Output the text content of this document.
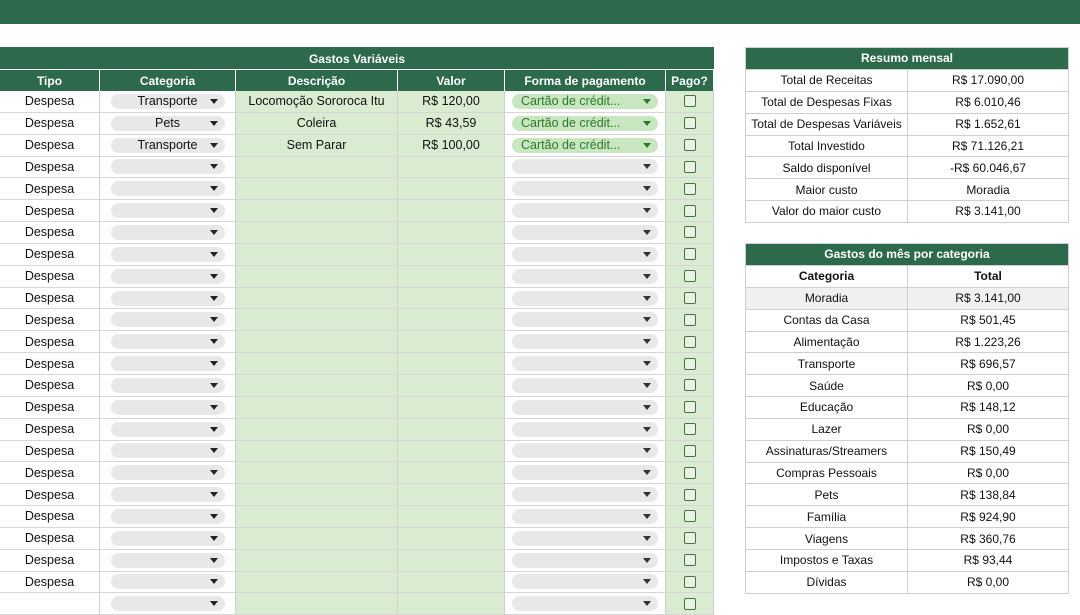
Gastos Variáveis
Tipo	Categoria	Descrição	Valor	Forma de pagamento	Pago?
Despesa	Transporte	Locomoção Sororoca Itu	R$ 120,00	Cartão de crédit...
Despesa	Pets	Coleira	R$ 43,59	Cartão de crédit...
Despesa	Transporte	Sem Parar	R$ 100,00	Cartão de crédit...
Despesa
Despesa
Despesa
Despesa
Despesa
Despesa
Despesa
Despesa
Despesa
Despesa
Despesa
Despesa
Despesa
Despesa
Despesa
Despesa
Despesa
Despesa
Despesa
Despesa
Resumo mensal
Total de Receitas	R$ 17.090,00
Total de Despesas Fixas	R$ 6.010,46
Total de Despesas Variáveis	R$ 1.652,61
Total Investido	R$ 71.126,21
Saldo disponível	-R$ 60.046,67
Maior custo	Moradia
Valor do maior custo	R$ 3.141,00
Gastos do mês por categoria
Categoria	Total
Moradia	R$ 3.141,00
Contas da Casa	R$ 501,45
Alimentação	R$ 1.223,26
Transporte	R$ 696,57
Saúde	R$ 0,00
Educação	R$ 148,12
Lazer	R$ 0,00
Assinaturas/Streamers	R$ 150,49
Compras Pessoais	R$ 0,00
Pets	R$ 138,84
Família	R$ 924,90
Viagens	R$ 360,76
Impostos e Taxas	R$ 93,44
Dívidas	R$ 0,00
